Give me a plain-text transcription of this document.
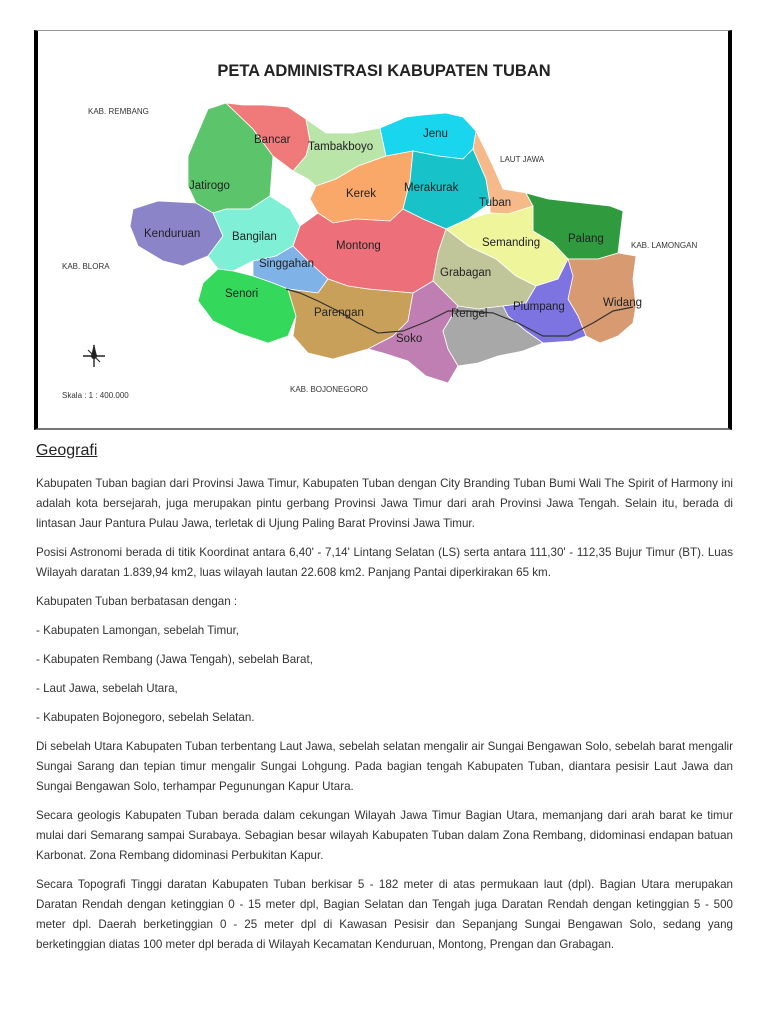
PETA ADMINISTRASI KABUPATEN TUBAN
Bancar
Tambakboyo
Jenu
Jatirogo
Kerek Merakurak
Tuban
Kenduruan	Bangilan
Montong	Semanding Palang
Singgahan
Grabagan
Senori
Widang
Plumpang
Parengan	Rengel
Soko
KAB. REMBANG
LAUT JAWA
KAB. LAMONGAN
KAB. BLORA
KAB. BOJONEGORO
Skala : 1 : 400.000
Geografi

Kabupaten Tuban bagian dari Provinsi Jawa Timur, Kabupaten Tuban dengan City Branding Tuban Bumi Wali The Spirit of Harmony ini adalah kota bersejarah, juga merupakan pintu gerbang Provinsi Jawa Timur dari arah Provinsi Jawa Tengah. Selain itu, berada di lintasan Jaur Pantura Pulau Jawa, terletak di Ujung Paling Barat Provinsi Jawa Timur.

Posisi Astronomi berada di titik Koordinat antara 6,40' - 7,14' Lintang Selatan (LS) serta antara 111,30' - 112,35 Bujur Timur (BT). Luas Wilayah daratan 1.839,94 km2, luas wilayah lautan 22.608 km2. Panjang Pantai diperkirakan 65 km.

Kabupaten Tuban berbatasan dengan :

- Kabupaten Lamongan, sebelah Timur,

- Kabupaten Rembang (Jawa Tengah), sebelah Barat,

- Laut Jawa, sebelah Utara,

- Kabupaten Bojonegoro, sebelah Selatan.

Di sebelah Utara Kabupaten Tuban terbentang Laut Jawa, sebelah selatan mengalir air Sungai Bengawan Solo, sebelah barat mengalir Sungai Sarang dan tepian timur mengalir Sungai Lohgung. Pada bagian tengah Kabupaten Tuban, diantara pesisir Laut Jawa dan Sungai Bengawan Solo, terhampar Pegunungan Kapur Utara.

Secara geologis Kabupaten Tuban berada dalam cekungan Wilayah Jawa Timur Bagian Utara, memanjang dari arah barat ke timur mulai dari Semarang sampai Surabaya. Sebagian besar wilayah Kabupaten Tuban dalam Zona Rembang, didominasi endapan batuan Karbonat. Zona Rembang didominasi Perbukitan Kapur.

Secara Topografi Tinggi daratan Kabupaten Tuban berkisar 5 - 182 meter di atas permukaan laut (dpl). Bagian Utara merupakan Daratan Rendah dengan ketinggian 0 - 15 meter dpl, Bagian Selatan dan Tengah juga Daratan Rendah dengan ketinggian 5 - 500 meter dpl. Daerah berketinggian 0 - 25 meter dpl di Kawasan Pesisir dan Sepanjang Sungai Bengawan Solo, sedang yang berketinggian diatas 100 meter dpl berada di Wilayah Kecamatan Kenduruan, Montong, Prengan dan Grabagan.
